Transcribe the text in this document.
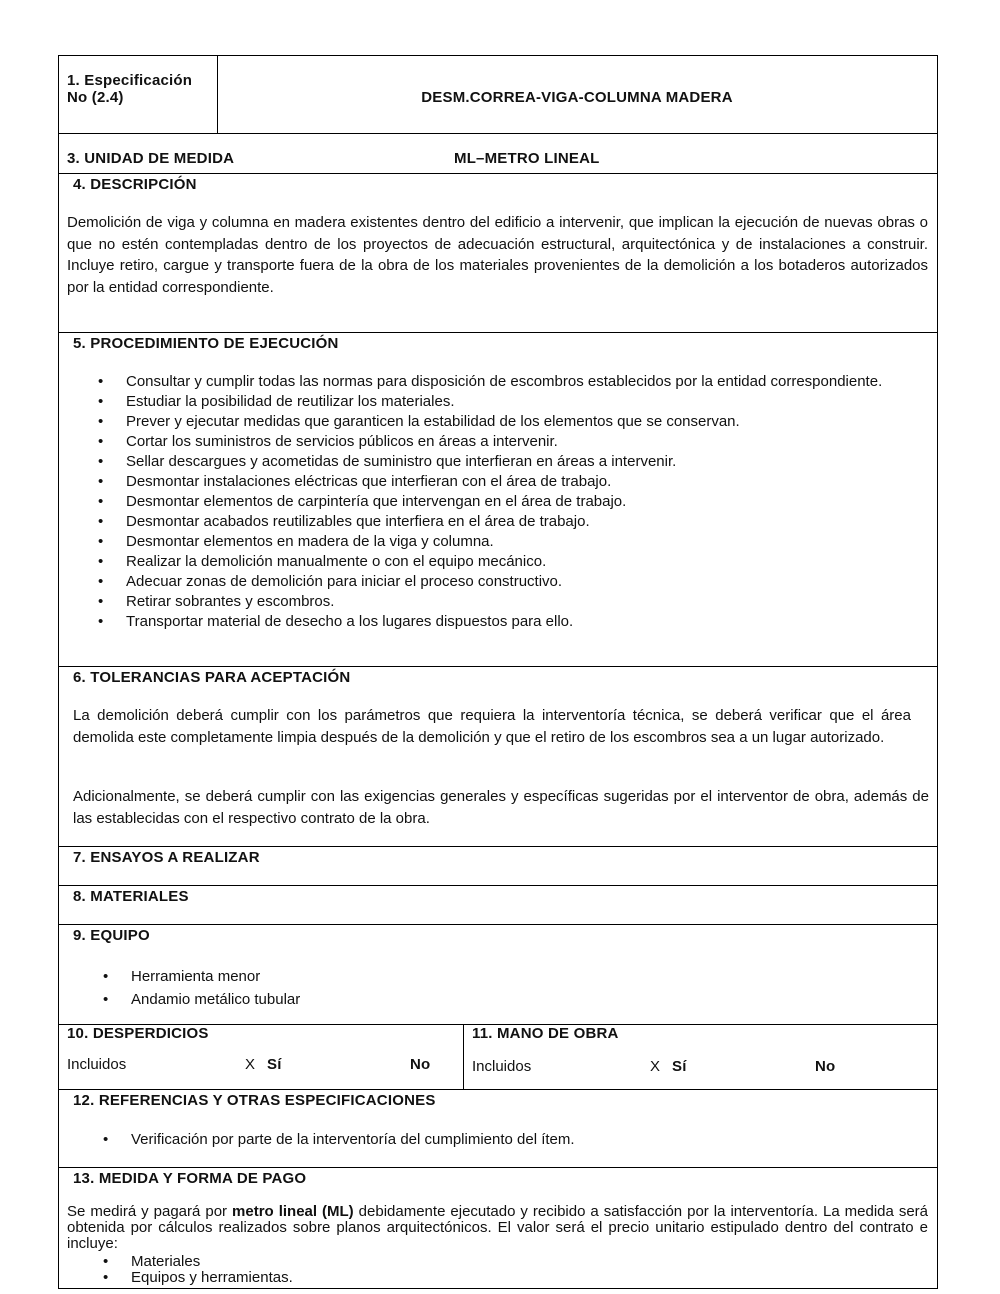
1. Especificación No (2.4)	DESM.CORREA-VIGA-COLUMNA MADERA
3. UNIDAD DE MEDIDA	ML–METRO LINEAL
4. DESCRIPCIÓN
Demolición de viga y columna en madera existentes dentro del edificio a intervenir, que implican la ejecución de nuevas obras o que no estén contempladas dentro de los proyectos de adecuación estructural, arquitectónica y de instalaciones a construir. Incluye retiro, cargue y transporte fuera de la obra de los materiales provenientes de la demolición a los botaderos autorizados por la entidad correspondiente.
5. PROCEDIMIENTO DE EJECUCIÓN
• Consultar y cumplir todas las normas para disposición de escombros establecidos por la entidad correspondiente.
• Estudiar la posibilidad de reutilizar los materiales.
• Prever y ejecutar medidas que garanticen la estabilidad de los elementos que se conservan.
• Cortar los suministros de servicios públicos en áreas a intervenir.
• Sellar descargues y acometidas de suministro que interfieran en áreas a intervenir.
• Desmontar instalaciones eléctricas que interfieran con el área de trabajo.
• Desmontar elementos de carpintería que intervengan en el área de trabajo.
• Desmontar acabados reutilizables que interfiera en el área de trabajo.
• Desmontar elementos en madera de la viga y columna.
• Realizar la demolición manualmente o con el equipo mecánico.
• Adecuar zonas de demolición para iniciar el proceso constructivo.
• Retirar sobrantes y escombros.
• Transportar material de desecho a los lugares dispuestos para ello.
6. TOLERANCIAS PARA ACEPTACIÓN
La demolición deberá cumplir con los parámetros que requiera la interventoría técnica, se deberá verificar que el área demolida este completamente limpia después de la demolición y que el retiro de los escombros sea a un lugar autorizado.
Adicionalmente, se deberá cumplir con las exigencias generales y específicas sugeridas por el interventor de obra, además de las establecidas con el respectivo contrato de la obra.
7. ENSAYOS A REALIZAR
8. MATERIALES
9. EQUIPO
• Herramienta menor
• Andamio metálico tubular
10. DESPERDICIOS
Incluidos	X Sí	No
11. MANO DE OBRA
Incluidos	X Sí	No
12. REFERENCIAS Y OTRAS ESPECIFICACIONES
• Verificación por parte de la interventoría del cumplimiento del ítem.
13. MEDIDA Y FORMA DE PAGO
Se medirá y pagará por metro lineal (ML) debidamente ejecutado y recibido a satisfacción por la interventoría. La medida será obtenida por cálculos realizados sobre planos arquitectónicos. El valor será el precio unitario estipulado dentro del contrato e incluye:
• Materiales
• Equipos y herramientas.
